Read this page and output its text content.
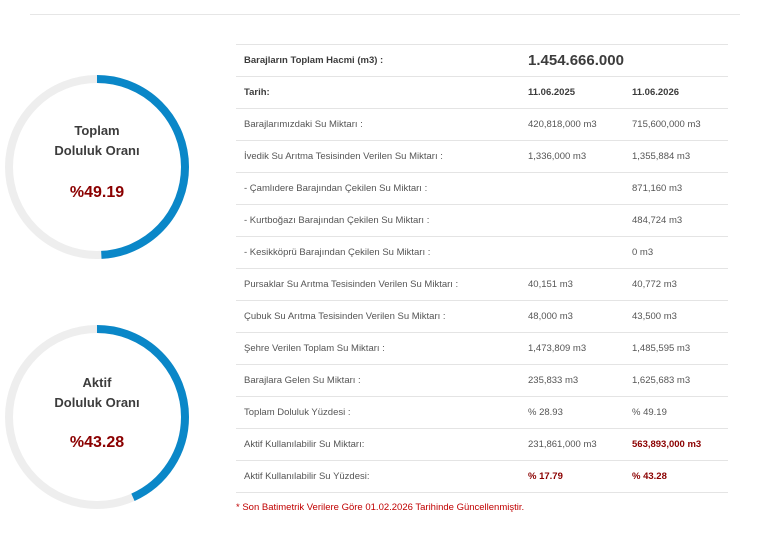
Toplam
Doluluk Oranı
%49.19
Aktif
Doluluk Oranı
%43.28
Barajların Toplam Hacmi (m3) :	1.454.666.000	
Tarih:	11.06.2025	11.06.2026
Barajlarımızdaki Su Miktarı :	420,818,000 m3	715,600,000 m3
İvedik Su Arıtma Tesisinden Verilen Su Miktarı :	1,336,000 m3	1,355,884 m3
- Çamlıdere Barajından Çekilen Su Miktarı :		871,160 m3
- Kurtboğazı Barajından Çekilen Su Miktarı :		484,724 m3
- Kesikköprü Barajından Çekilen Su Miktarı :		0 m3
Pursaklar Su Arıtma Tesisinden Verilen Su Miktarı :	40,151 m3	40,772 m3
Çubuk Su Arıtma Tesisinden Verilen Su Miktarı :	48,000 m3	43,500 m3
Şehre Verilen Toplam Su Miktarı :	1,473,809 m3	1,485,595 m3
Barajlara Gelen Su Miktarı :	235,833 m3	1,625,683 m3
Toplam Doluluk Yüzdesi :	% 28.93	% 49.19
Aktif Kullanılabilir Su Miktarı:	231,861,000 m3	563,893,000 m3
Aktif Kullanılabilir Su Yüzdesi:	% 17.79	% 43.28
* Son Batimetrik Verilere Göre 01.02.2026 Tarihinde Güncellenmiştir.
